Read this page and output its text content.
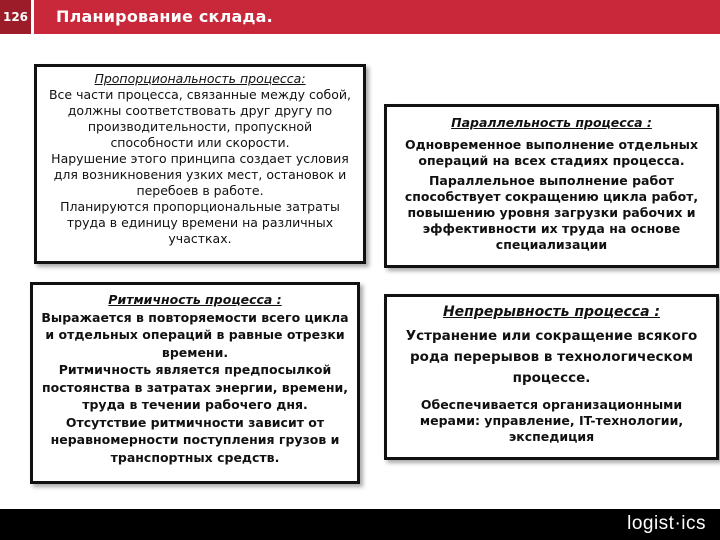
126	Планирование склада.

Пропорциональность процесса:

Все части процесса, связанные между собой, должны соответствовать друг другу по производительности, пропускной способности или скорости.

Нарушение этого принципа создает условия для возникновения узких мест, остановок и перебоев в работе.

Планируются пропорциональные затраты труда в единицу времени на различных участках.

Параллельность процесса :

Одновременное выполнение отдельных операций на всех стадиях процесса.

Параллельное выполнение работ способствует сокращению цикла работ, повышению уровня загрузки рабочих и эффективности их труда на основе специализации

Ритмичность процесса :

Выражается в повторяемости всего цикла и отдельных операций в равные отрезки времени.

Ритмичность является предпосылкой постоянства в затратах энергии, времени, труда в течении рабочего дня.

Отсутствие ритмичности зависит от неравномерности поступления грузов и транспортных средств.

Непрерывность процесса :

Устранение или сокращение всякого рода перерывов в технологическом процессе.

Обеспечивается организационными мерами: управление, IT-технологии, экспедиция

logist·ics
